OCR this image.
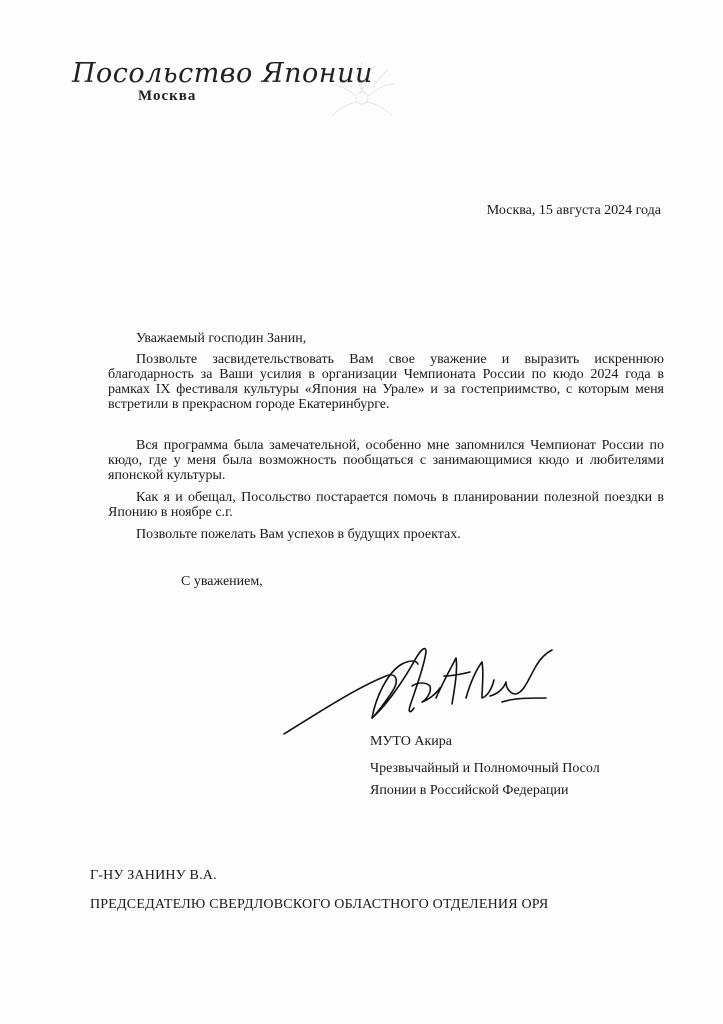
Посольство Японии
Москва
Москва, 15 августа 2024 года
Уважаемый господин Занин,

Позвольте засвидетельствовать Вам свое уважение и выразить искреннюю благодарность за Ваши усилия в организации Чемпионата России по кюдо 2024 года в рамках IX фестиваля культуры «Япония на Урале» и за гостеприимство, с которым меня встретили в прекрасном городе Екатеринбурге.

Вся программа была замечательной, особенно мне запомнился Чемпионат России по кюдо, где у меня была возможность пообщаться с занимающимися кюдо и любителями японской культуры.

Как я и обещал, Посольство постарается помочь в планировании полезной поездки в Японию в ноябре с.г.

Позвольте пожелать Вам успехов в будущих проектах.

С уважением,
МУТО Акира
Чрезвычайный и Полномочный Посол
Японии в Российской Федерации
Г-НУ ЗАНИНУ В.А.
ПРЕДСЕДАТЕЛЮ СВЕРДЛОВСКОГО ОБЛАСТНОГО ОТДЕЛЕНИЯ ОРЯ
